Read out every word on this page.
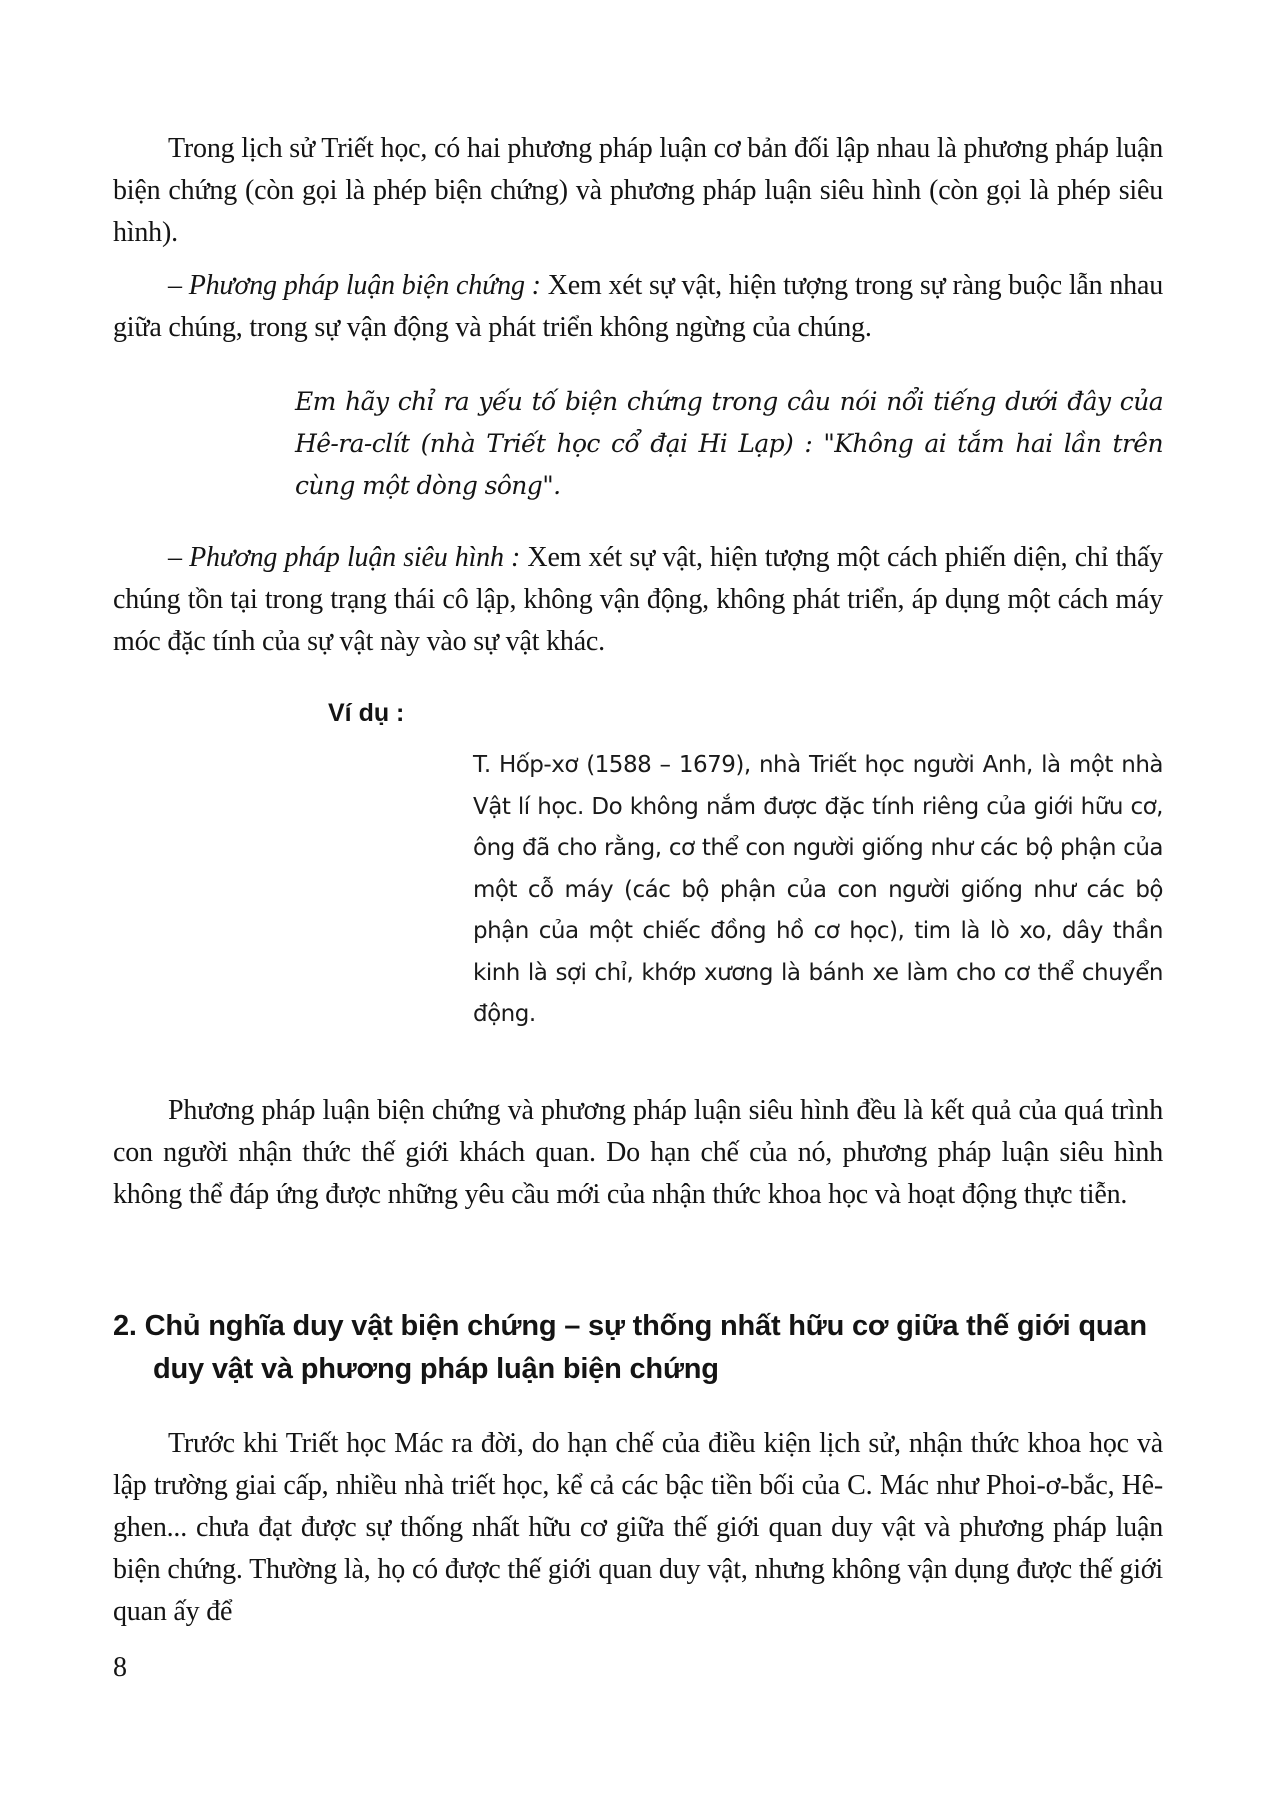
Trong lịch sử Triết học, có hai phương pháp luận cơ bản đối lập nhau là phương pháp luận biện chứng (còn gọi là phép biện chứng) và phương pháp luận siêu hình (còn gọi là phép siêu hình).

– Phương pháp luận biện chứng : Xem xét sự vật, hiện tượng trong sự ràng buộc lẫn nhau giữa chúng, trong sự vận động và phát triển không ngừng của chúng.

Em hãy chỉ ra yếu tố biện chứng trong câu nói nổi tiếng dưới đây của Hê-ra-clít (nhà Triết học cổ đại Hi Lạp) : "Không ai tắm hai lần trên cùng một dòng sông".

– Phương pháp luận siêu hình : Xem xét sự vật, hiện tượng một cách phiến diện, chỉ thấy chúng tồn tại trong trạng thái cô lập, không vận động, không phát triển, áp dụng một cách máy móc đặc tính của sự vật này vào sự vật khác.

Ví dụ :

T. Hốp-xơ (1588 – 1679), nhà Triết học người Anh, là một nhà Vật lí học. Do không nắm được đặc tính riêng của giới hữu cơ, ông đã cho rằng, cơ thể con người giống như các bộ phận của một cỗ máy (các bộ phận của con người giống như các bộ phận của một chiếc đồng hồ cơ học), tim là lò xo, dây thần kinh là sợi chỉ, khớp xương là bánh xe làm cho cơ thể chuyển động.

Phương pháp luận biện chứng và phương pháp luận siêu hình đều là kết quả của quá trình con người nhận thức thế giới khách quan. Do hạn chế của nó, phương pháp luận siêu hình không thể đáp ứng được những yêu cầu mới của nhận thức khoa học và hoạt động thực tiễn.

2. Chủ nghĩa duy vật biện chứng – sự thống nhất hữu cơ giữa thế giới quan duy vật và phương pháp luận biện chứng

Trước khi Triết học Mác ra đời, do hạn chế của điều kiện lịch sử, nhận thức khoa học và lập trường giai cấp, nhiều nhà triết học, kể cả các bậc tiền bối của C. Mác như Phoi-ơ-bắc, Hê-ghen... chưa đạt được sự thống nhất hữu cơ giữa thế giới quan duy vật và phương pháp luận biện chứng. Thường là, họ có được thế giới quan duy vật, nhưng không vận dụng được thế giới quan ấy để

8
